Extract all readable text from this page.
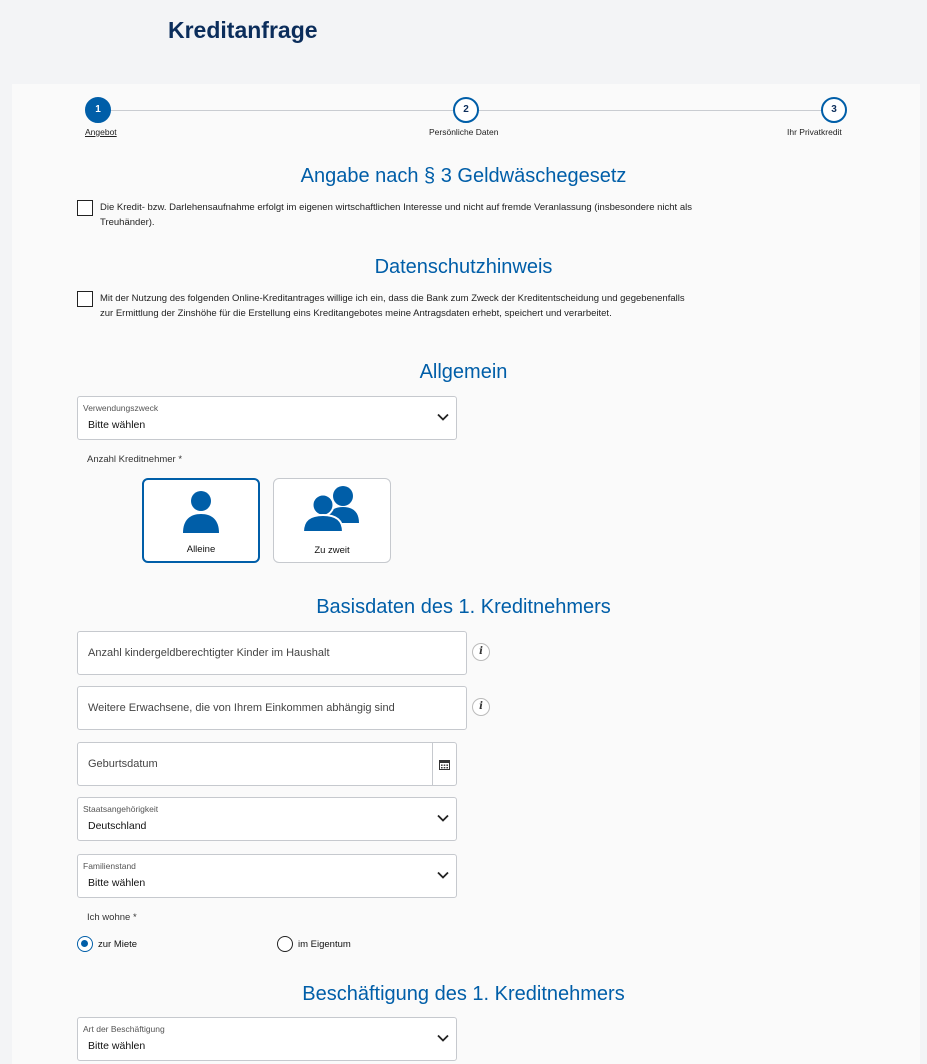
Kreditanfrage
1
Angebot
2
Persönliche Daten
3
Ihr Privatkredit
Angabe nach § 3 Geldwäschegesetz
Die Kredit- bzw. Darlehensaufnahme erfolgt im eigenen wirtschaftlichen Interesse und nicht auf fremde Veranlassung (insbesondere nicht als Treuhänder).
Datenschutzhinweis
Mit der Nutzung des folgenden Online-Kreditantrages willige ich ein, dass die Bank zum Zweck der Kreditentscheidung und gegebenenfalls zur Ermittlung der Zinshöhe für die Erstellung eins Kreditangebotes meine Antragsdaten erhebt, speichert und verarbeitet.
Allgemein
Verwendungszweck
Bitte wählen
Anzahl Kreditnehmer *
Alleine	Zu zweit
Basisdaten des 1. Kreditnehmers
Anzahl kindergeldberechtigter Kinder im Haushalt	i
Weitere Erwachsene, die von Ihrem Einkommen abhängig sind	i
Geburtsdatum
Staatsangehörigkeit
Deutschland
Familienstand
Bitte wählen
Ich wohne *
zur Miete	im Eigentum
Beschäftigung des 1. Kreditnehmers
Art der Beschäftigung
Bitte wählen
